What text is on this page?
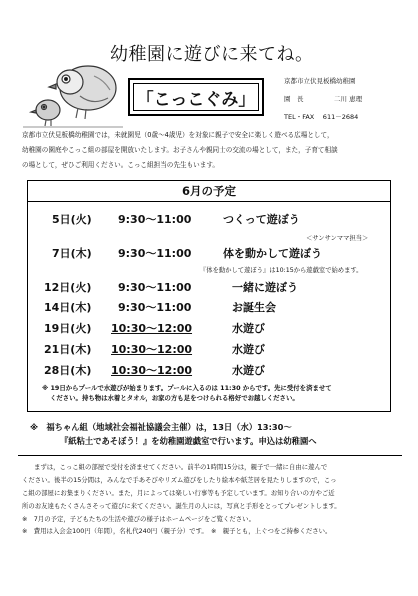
幼稚園に遊びに来てね。
「こっこぐみ」
京都市立伏見板橋幼稚園
園　長	二川 恵理
TEL・FAX　 611－2684
京都市立伏見板橋幼稚園では，未就園児（0歳～4歳児）を対象に親子で安全に楽しく遊べる広場として，
幼稚園の園庭やこっこ組の部屋を開放いたします。お子さんや親同士の交流の場として，また，子育て相談
の場として，ぜひご利用ください。こっこ組担当の先生もいます。
6月の予定
5日(火) 9:30～11:00	つくって遊ぼう
＜サンサンママ担当＞
7日(木) 9:30～11:00	体を動かして遊ぼう
『体を動かして遊ぼう』は10:15から遊戯室で始めます。
12日(火) 9:30～11:00	一緒に遊ぼう
14日(木) 9:30～11:00	お誕生会
19日(火) 10:30～12:00	水遊び
21日(木) 10:30～12:00	水遊び
28日(木) 10:30～12:00	水遊び
※ 19日からプールで水遊びが始まります。プールに入るのは 11:30 からです。先に受付を済ませて
ください。持ち物は水着とタオル，お家の方も足をつけられる格好でお越しください。
※　福ちゃん組（地域社会福祉協議会主催）は，13日（水）13:30～
『紙粘土であそぼう！』を幼稚園遊戯室で行います。申込は幼稚園へ
まずは，こっこ組の部屋で受付を済ませてください。前半の1時間15分は，親子で一緒に自由に遊んで
ください。後半の15分間は，みんなで手あそびやリズム遊びをしたり絵本や紙芝居を見たりしますので，こっ
こ組の部屋にお集まりください。また，月によっては楽しい行事等も予定しています。お知り合いの方やご近
所のお友達もたくさんさそって遊びに来てください。誕生月の人には，写真と手形をとってプレゼントします。
※　7月の予定，子どもたちの生活や遊びの様子はホームページをご覧ください。
※　費用は入会金100円（年間），名札代240円（親子分）です。　※　親子とも，上ぐつをご持参ください。
